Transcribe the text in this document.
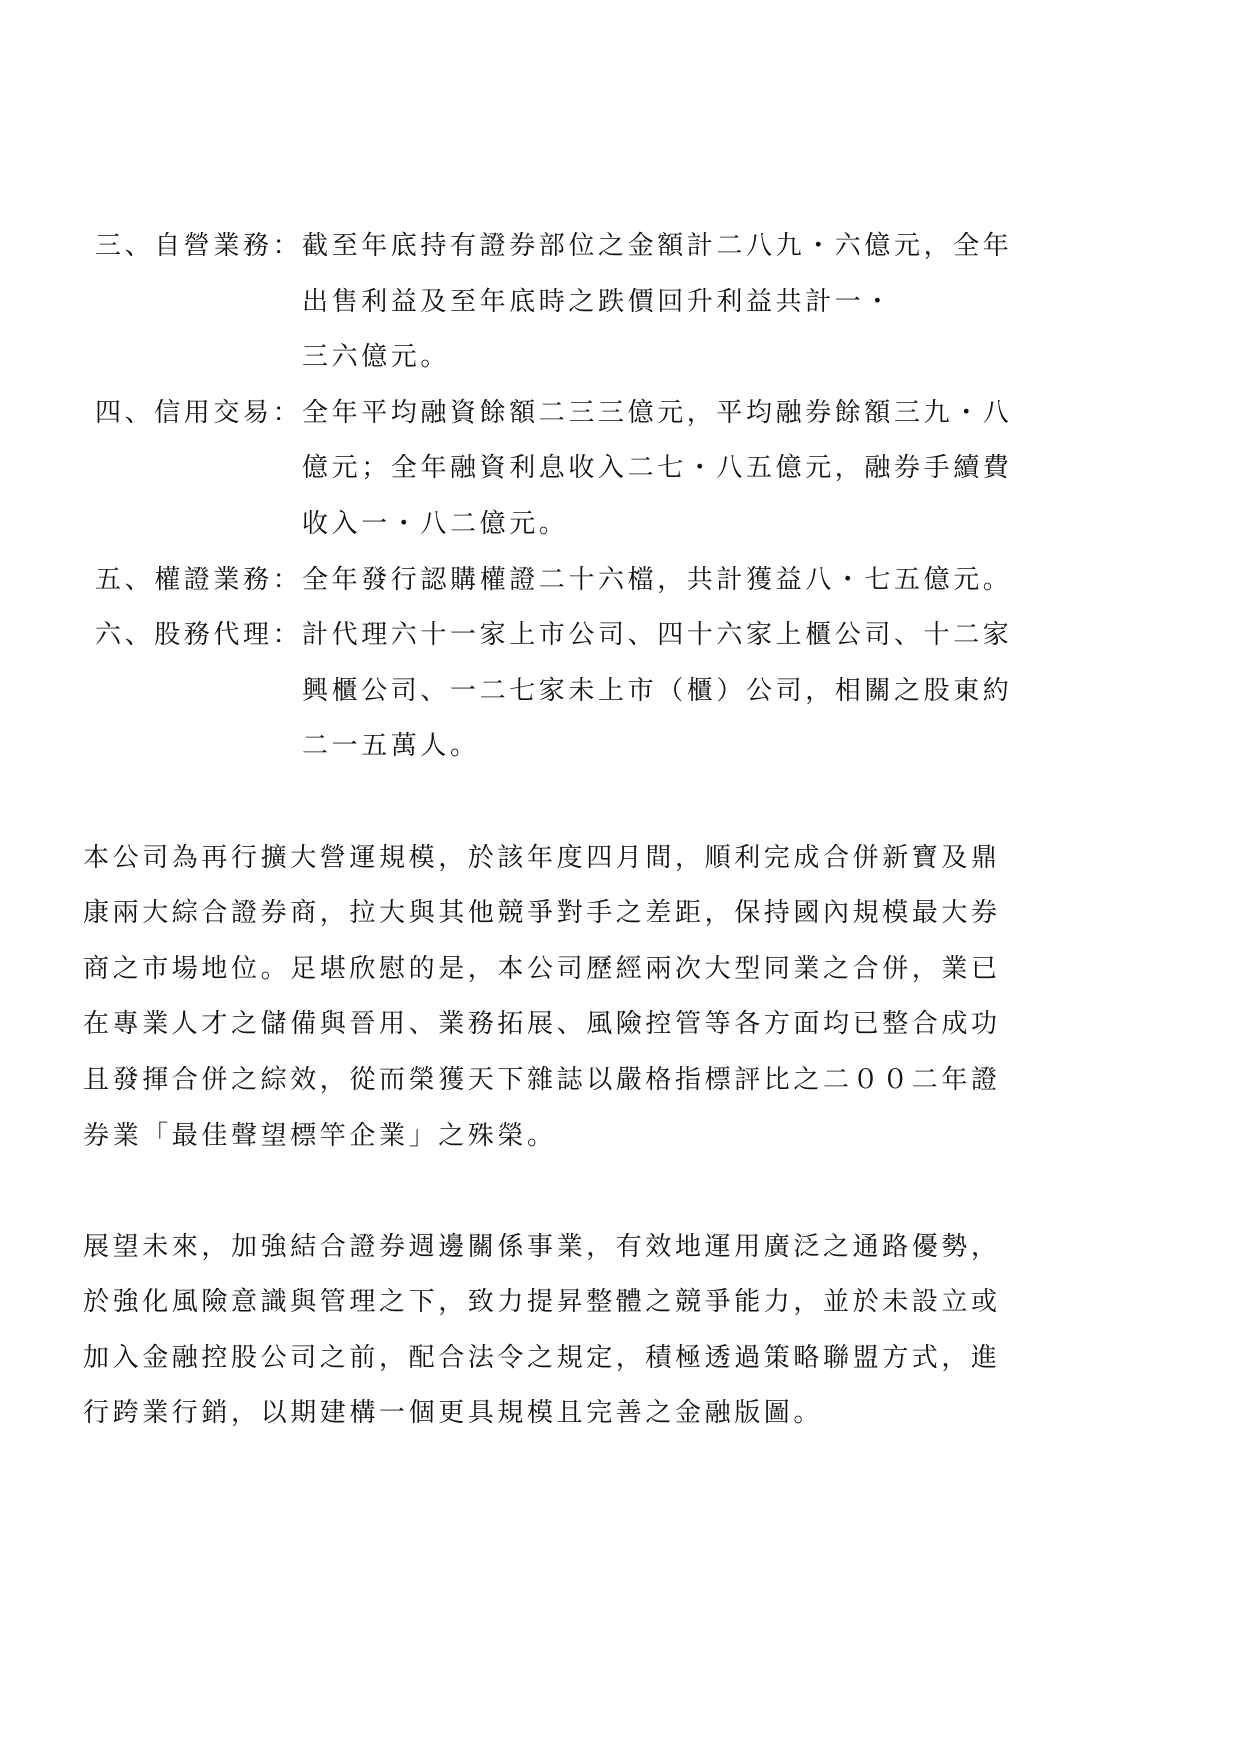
三、自營業務： 截至年底持有證券部位之金額計二八九・六億元，全年
出售利益及至年底時之跌價回升利益共計一・
三六億元。
四、信用交易： 全年平均融資餘額二三三億元，平均融券餘額三九・八
億元；全年融資利息收入二七・八五億元，融券手續費
收入一・八二億元。
五、權證業務： 全年發行認購權證二十六檔，共計獲益八・七五億元。
六、股務代理： 計代理六十一家上市公司、四十六家上櫃公司、十二家
興櫃公司、一二七家未上市（櫃）公司，相關之股東約
二一五萬人。
本公司為再行擴大營運規模，於該年度四月間，順利完成合併新寶及鼎
康兩大綜合證券商，拉大與其他競爭對手之差距，保持國內規模最大券
商之市場地位。足堪欣慰的是，本公司歷經兩次大型同業之合併，業已
在專業人才之儲備與晉用、業務拓展、風險控管等各方面均已整合成功
且發揮合併之綜效，從而榮獲天下雜誌以嚴格指標評比之二００二年證
券業「最佳聲望標竿企業」之殊榮。
展望未來，加強結合證券週邊關係事業，有效地運用廣泛之通路優勢，
於強化風險意識與管理之下，致力提昇整體之競爭能力，並於未設立或
加入金融控股公司之前，配合法令之規定，積極透過策略聯盟方式，進
行跨業行銷，以期建構一個更具規模且完善之金融版圖。
